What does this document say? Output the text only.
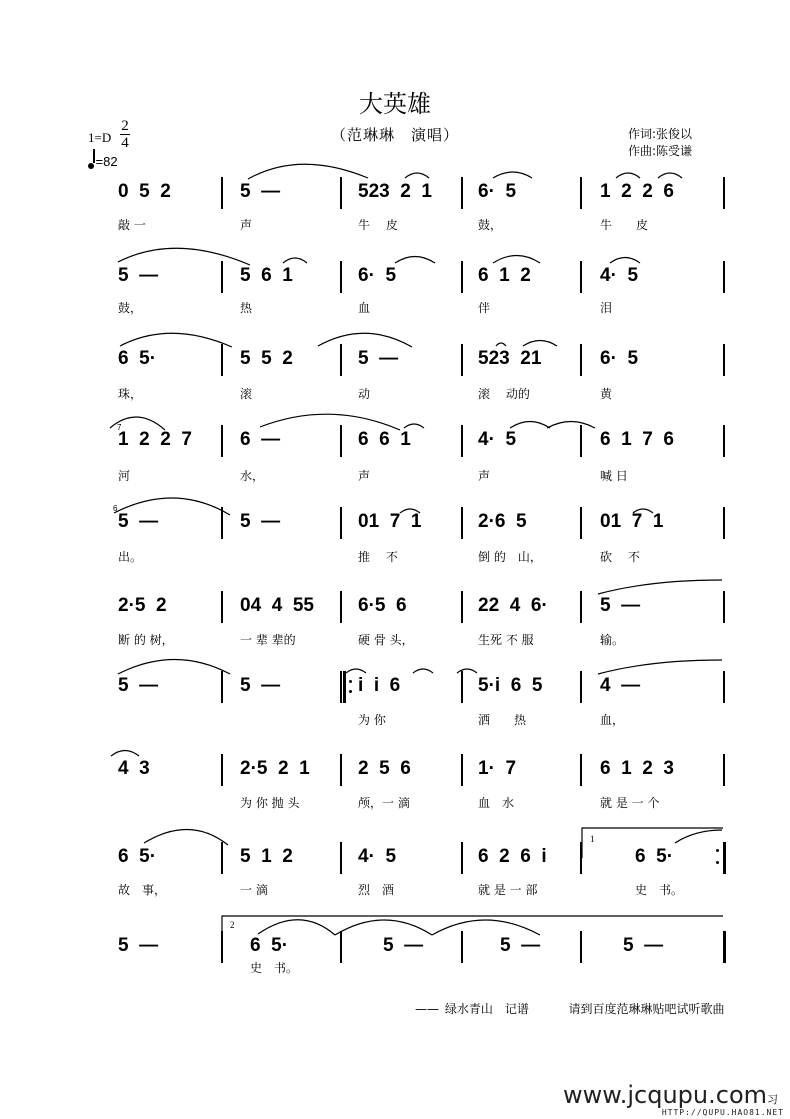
大英雄
（范琳琳　演唱）
1=D
2
4
=82
作词:张俊以
作曲:陈受谦
0  5  2
敲 一
5  —
声
523  2  1
牛　 皮
6·  5
鼓，
1  2  2  6
牛　　皮
5  —
鼓，
5  6  1
热
6·  5
血
6  1  2
伴
4·  5
泪
6  5·
珠，
5  5  2
滚
5  —
动
523  21
滚　 动的
6·  5
黄
1  2  2  7
河
6  —
水，
6  6  1
声
4·  5
声
6  1  7  6
喊 日
5  —
出。
5  —	01  7  1
推　 不
2·6  5
倒 的　山，
01  7  1
砍　 不
2·5  2
断 的 树，
04  4  55
一 辈 辈的
6·5  6
硬 骨 头，
22  4  6·
生死 不 服
5  —
输。
5  —	5  —	i  i  6
为 你
5·i  6  5
洒　　热
4  —
血，
4  3	2·5  2  1
为 你 抛 头
2  5  6
颅，一 滴
1·  7
血　水
6  1  2  3
就 是 一 个
6  5·
故　事，
5  1  2
一 滴
4·  5
烈　酒
6  2  6  i
就 是 一 部
6  5·
史　书。
1
5  —	6  5·
史　书。
5  —	5  —	5  —
2
7
6
—— 绿水青山　记谱	请到百度范琳琳贴吧试听歌曲
www.jcqupu.com习
HTTP://QUPU.HAO81.NET
